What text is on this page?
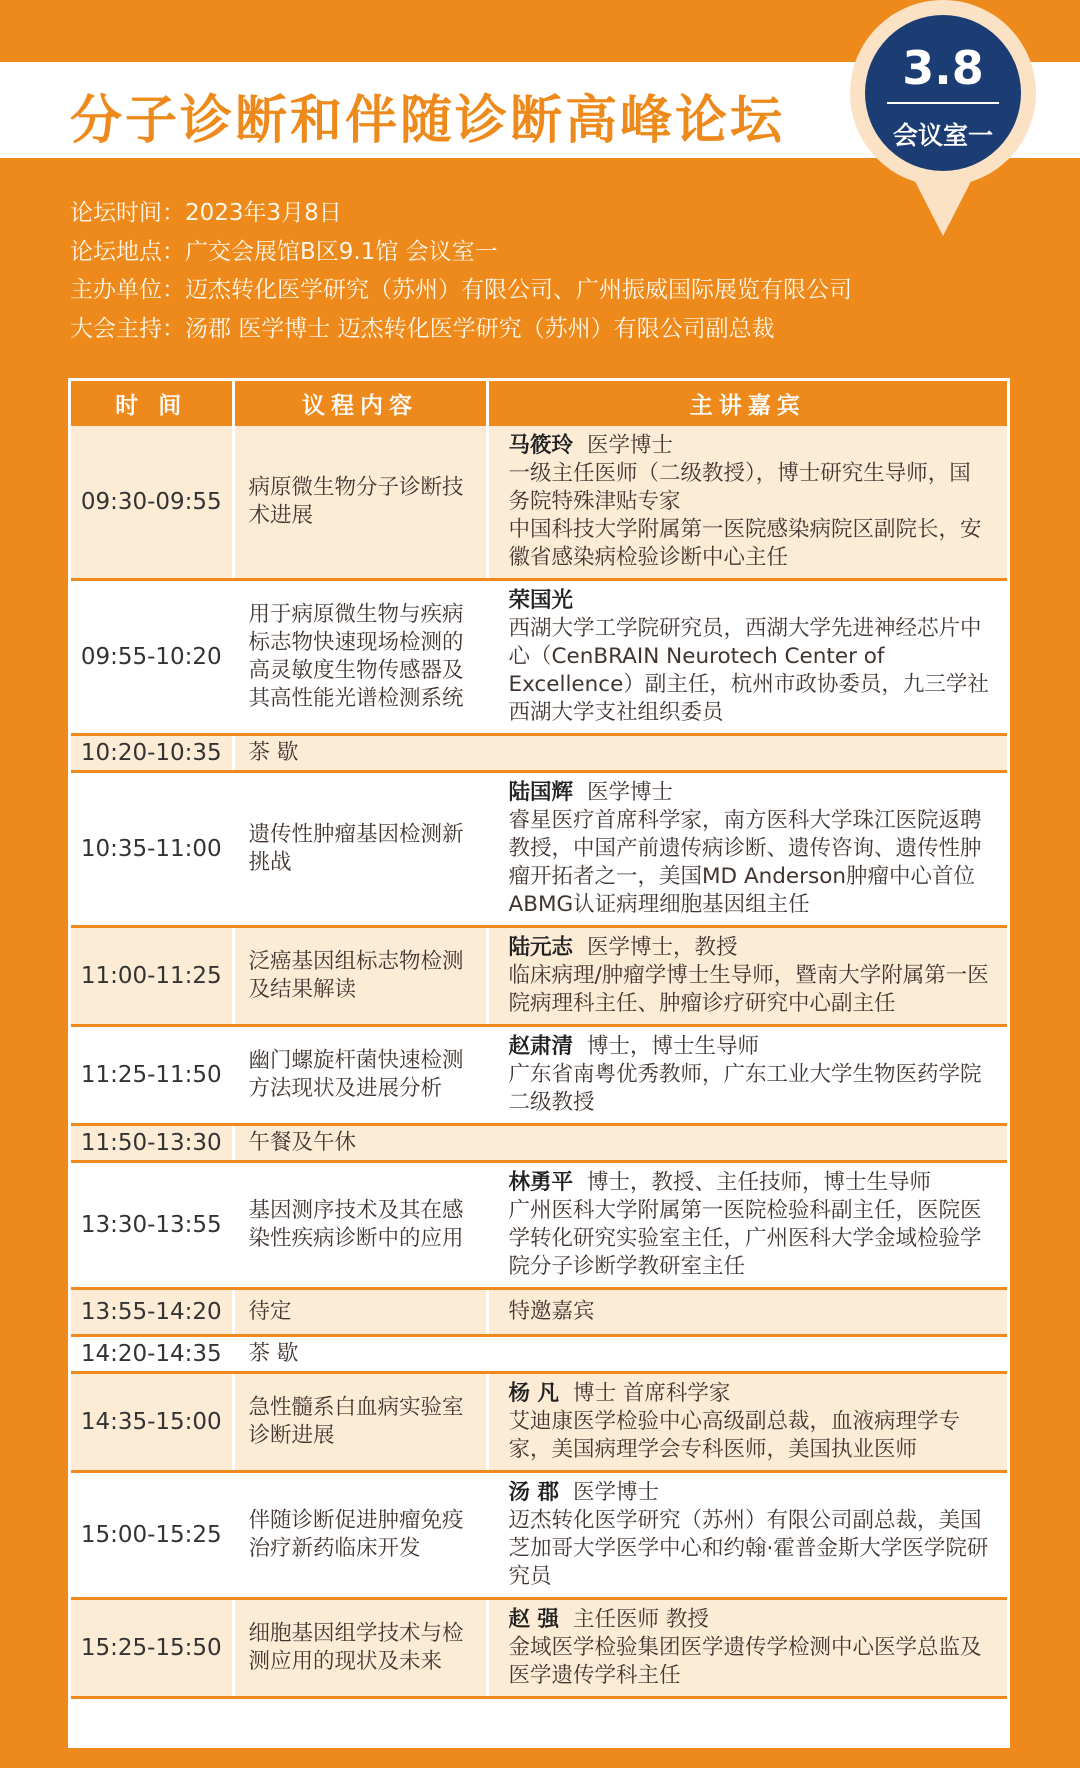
分子诊断和伴随诊断高峰论坛
3.8
会议室一
论坛时间：2023年3月8日
论坛地点：广交会展馆B区9.1馆 会议室一
主办单位：迈杰转化医学研究（苏州）有限公司、广州振威国际展览有限公司
大会主持：汤郡 医学博士 迈杰转化医学研究（苏州）有限公司副总裁
时 间	议程内容	主讲嘉宾
09:30-09:55	病原微生物分子诊断技术进展	马筱玲 医学博士
一级主任医师（二级教授），博士研究生导师，国务院特殊津贴专家
中国科技大学附属第一医院感染病院区副院长，安徽省感染病检验诊断中心主任

09:55-10:20	用于病原微生物与疾病标志物快速现场检测的高灵敏度生物传感器及其高性能光谱检测系统	荣国光
西湖大学工学院研究员，西湖大学先进神经芯片中心（CenBRAIN Neurotech Center of Excellence）副主任，杭州市政协委员，九三学社西湖大学支社组织委员

10:20-10:35	茶 歇	
10:35-11:00	遗传性肿瘤基因检测新挑战	陆国辉 医学博士
睿星医疗首席科学家，南方医科大学珠江医院返聘教授，中国产前遗传病诊断、遗传咨询、遗传性肿瘤开拓者之一，美国MD Anderson肿瘤中心首位ABMG认证病理细胞基因组主任

11:00-11:25	泛癌基因组标志物检测及结果解读	陆元志 医学博士，教授
临床病理/肿瘤学博士生导师，暨南大学附属第一医院病理科主任、肿瘤诊疗研究中心副主任

11:25-11:50	幽门螺旋杆菌快速检测方法现状及进展分析	赵肃清 博士，博士生导师
广东省南粤优秀教师，广东工业大学生物医药学院二级教授

11:50-13:30	午餐及午休	
13:30-13:55	基因测序技术及其在感染性疾病诊断中的应用	林勇平 博士，教授、主任技师，博士生导师
广州医科大学附属第一医院检验科副主任，医院医学转化研究实验室主任，广州医科大学金域检验学院分子诊断学教研室主任

13:55-14:20	待定	特邀嘉宾

14:20-14:35	茶 歇	
14:35-15:00	急性髓系白血病实验室诊断进展	杨 凡 博士 首席科学家
艾迪康医学检验中心高级副总裁，血液病理学专家，美国病理学会专科医师，美国执业医师

15:00-15:25	伴随诊断促进肿瘤免疫治疗新药临床开发	汤 郡 医学博士
迈杰转化医学研究（苏州）有限公司副总裁，美国芝加哥大学医学中心和约翰·霍普金斯大学医学院研究员

15:25-15:50	细胞基因组学技术与检测应用的现状及未来	赵 强 主任医师 教授
金域医学检验集团医学遗传学检测中心医学总监及医学遗传学科主任
